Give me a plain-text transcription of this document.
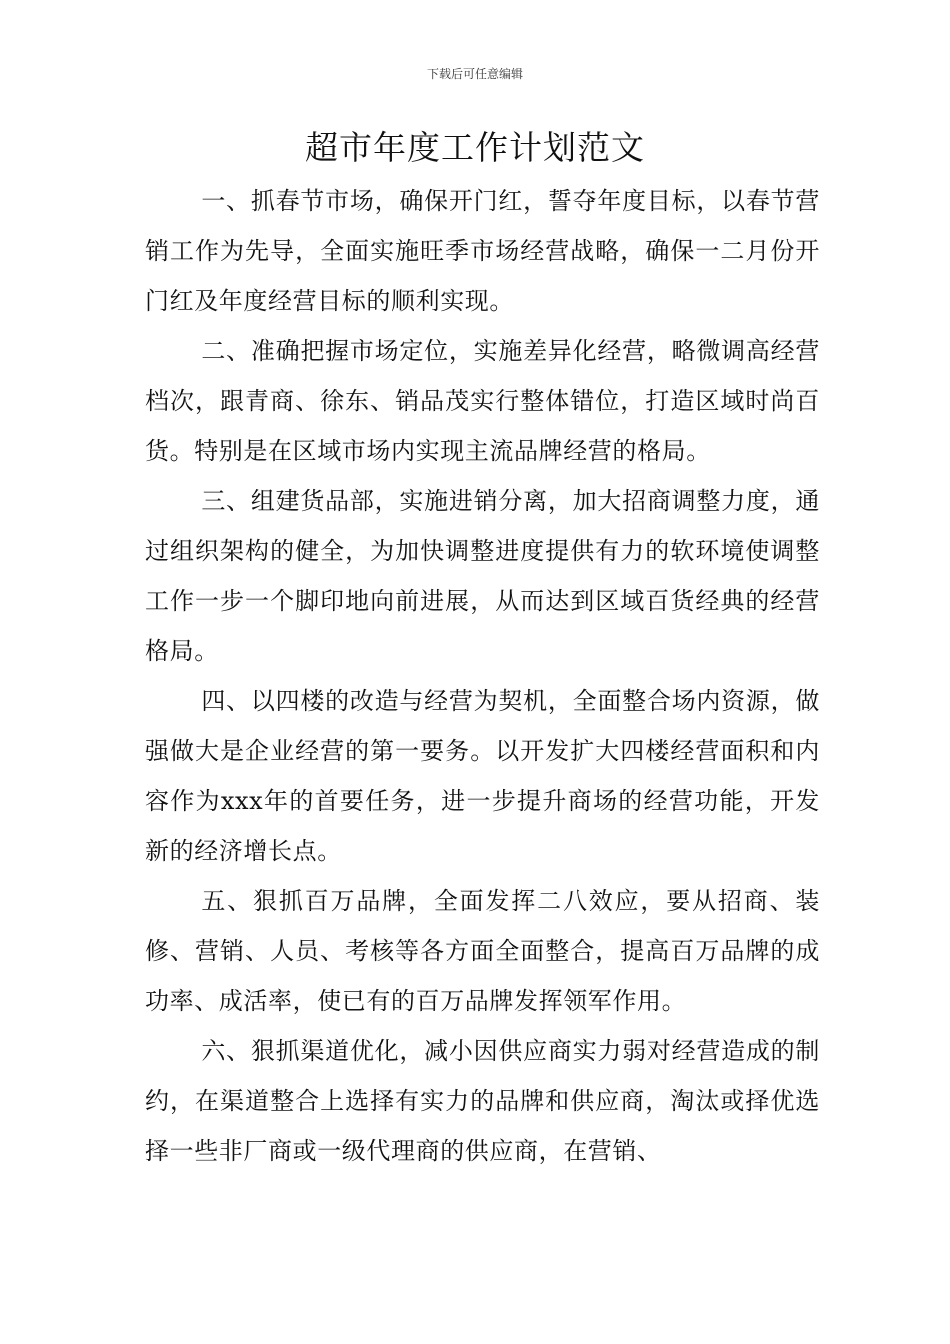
下载后可任意编辑
超市年度工作计划范文

一、抓春节市场，确保开门红，誓夺年度目标，以春节营销工作为先导，全面实施旺季市场经营战略，确保一二月份开门红及年度经营目标的顺利实现。

二、准确把握市场定位，实施差异化经营，略微调高经营档次，跟青商、徐东、销品茂实行整体错位，打造区域时尚百货。特别是在区域市场内实现主流品牌经营的格局。

三、组建货品部，实施进销分离，加大招商调整力度，通过组织架构的健全，为加快调整进度提供有力的软环境使调整工作一步一个脚印地向前进展，从而达到区域百货经典的经营格局。

四、以四楼的改造与经营为契机，全面整合场内资源，做强做大是企业经营的第一要务。以开发扩大四楼经营面积和内容作为xxx年的首要任务，进一步提升商场的经营功能，开发新的经济增长点。

五、狠抓百万品牌，全面发挥二八效应，要从招商、装修、营销、人员、考核等各方面全面整合，提高百万品牌的成功率、成活率，使已有的百万品牌发挥领军作用。

六、狠抓渠道优化，减小因供应商实力弱对经营造成的制约，在渠道整合上选择有实力的品牌和供应商，淘汰或择优选择一些非厂商或一级代理商的供应商，在营销、
